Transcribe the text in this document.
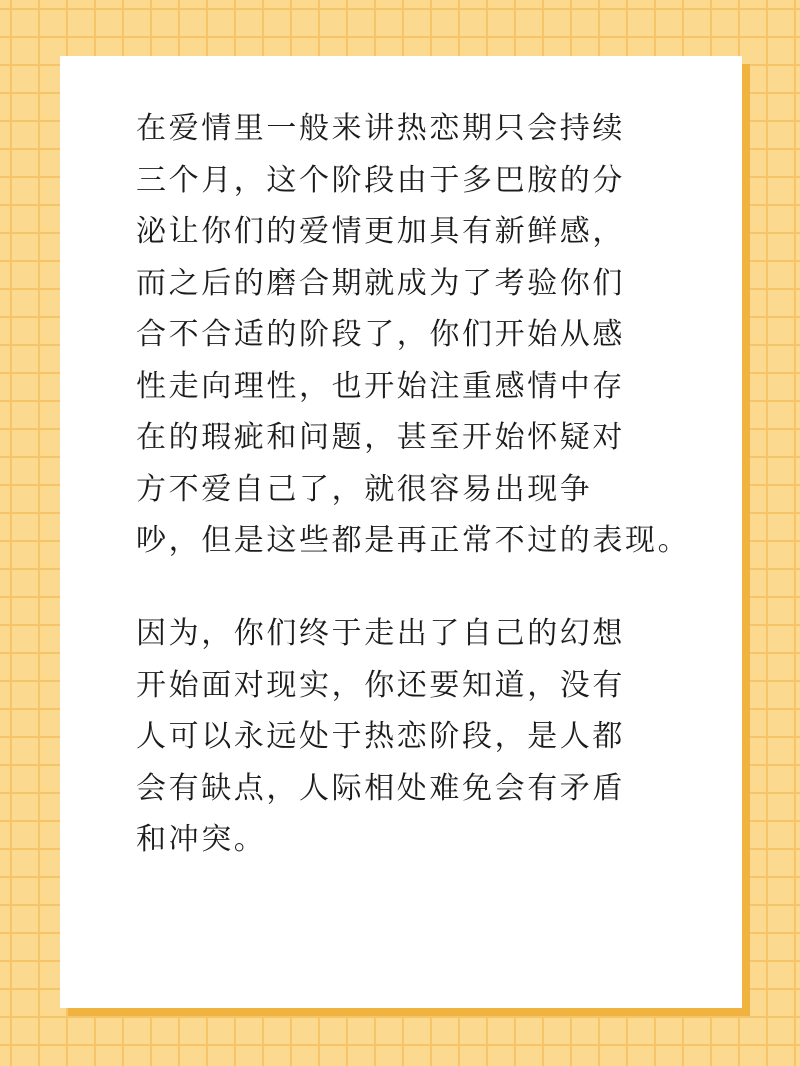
在爱情里一般来讲热恋期只会持续
三个月，这个阶段由于多巴胺的分
泌让你们的爱情更加具有新鲜感，
而之后的磨合期就成为了考验你们
合不合适的阶段了，你们开始从感
性走向理性，也开始注重感情中存
在的瑕疵和问题，甚至开始怀疑对
方不爱自己了，就很容易出现争
吵，但是这些都是再正常不过的表现。
因为，你们终于走出了自己的幻想
开始面对现实，你还要知道，没有
人可以永远处于热恋阶段，是人都
会有缺点，人际相处难免会有矛盾
和冲突。
